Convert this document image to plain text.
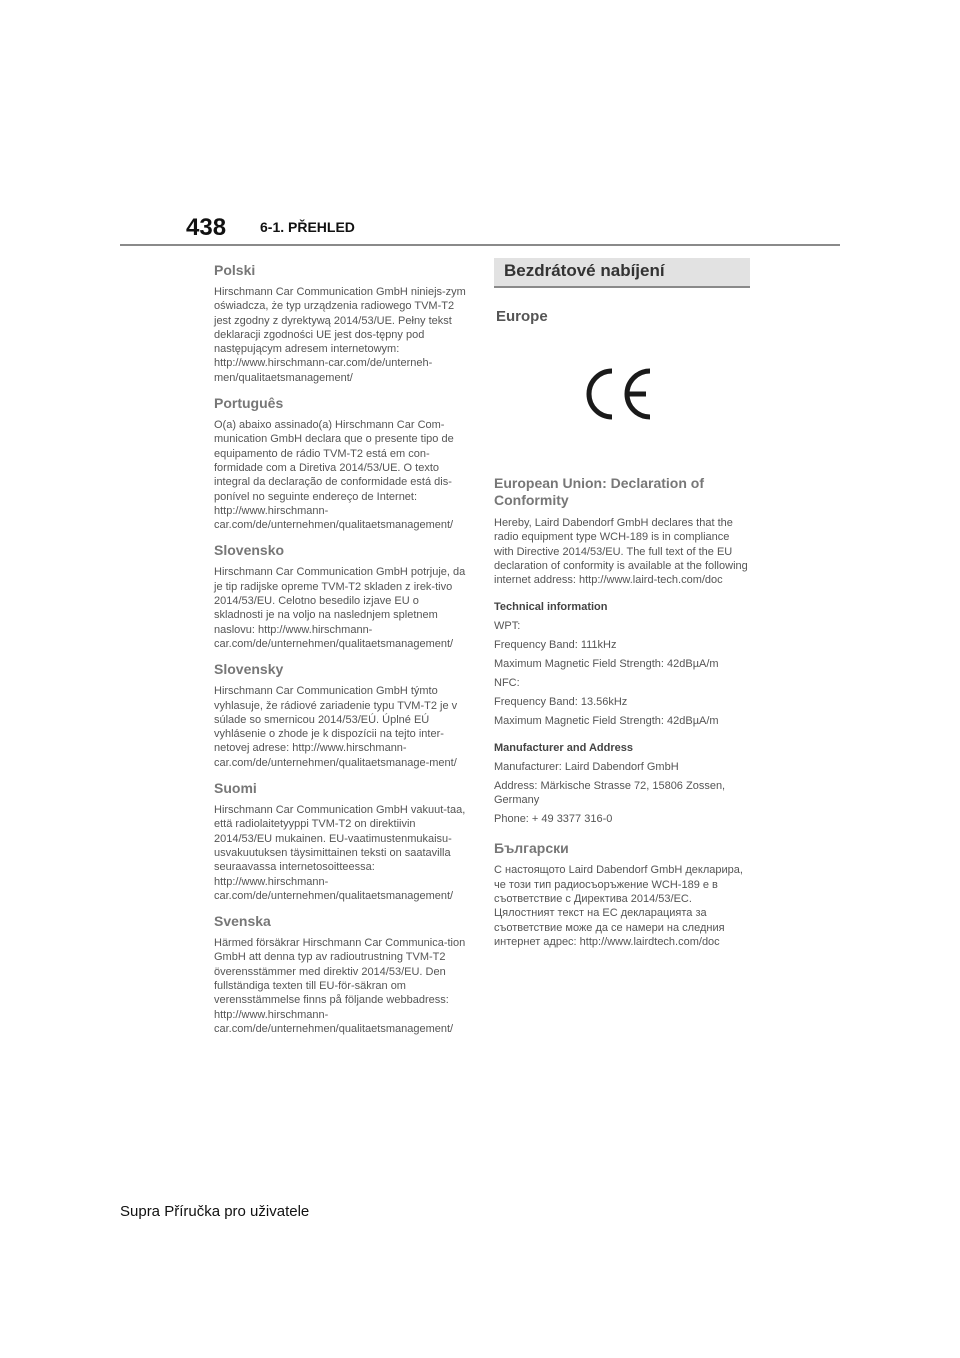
438 6-1. PŘEHLED

Polski

Hirschmann Car Communication GmbH niniejs-zym oświadcza, że typ urządzenia radiowego TVM-T2 jest zgodny z dyrektywą 2014/53/UE. Pełny tekst deklaracji zgodności UE jest dos-tępny pod następującym adresem internetowym: http://www.hirschmann-car.com/de/unterneh-men/qualitaetsmanagement/

Português

O(a) abaixo assinado(a) Hirschmann Car Com-munication GmbH declara que o presente tipo de equipamento de rádio TVM-T2 está em con-formidade com a Diretiva 2014/53/UE. O texto integral da declaração de conformidade está dis-ponível no seguinte endereço de Internet: http://www.hirschmann-car.com/de/unternehmen/qualitaetsmanagement/

Slovensko

Hirschmann Car Communication GmbH potrjuje, da je tip radijske opreme TVM-T2 skladen z irek-tivo 2014/53/EU. Celotno besedilo izjave EU o skladnosti je na voljo na naslednjem spletnem naslovu: http://www.hirschmann-car.com/de/unternehmen/qualitaetsmanagement/

Slovensky

Hirschmann Car Communication GmbH týmto vyhlasuje, že rádiové zariadenie typu TVM-T2 je v súlade so smernicou 2014/53/EÚ. Úplné EÚ vyhlásenie o zhode je k dispozícii na tejto inter-netovej adrese: http://www.hirschmann-car.com/de/unternehmen/qualitaetsmanage-ment/

Suomi

Hirschmann Car Communication GmbH vakuut-taa, että radiolaitetyyppi TVM-T2 on direktiivin 2014/53/EU mukainen. EU-vaatimustenmukaisu-usvakuutuksen täysimittainen teksti on saatavilla seuraavassa internetosoitteessa: http://www.hirschmann-car.com/de/unternehmen/qualitaetsmanagement/

Svenska

Härmed försäkrar Hirschmann Car Communica-tion GmbH att denna typ av radioutrustning TVM-T2 överensstämmer med direktiv 2014/53/EU. Den fullständiga texten till EU-för-säkran om verensstämmelse finns på följande webbadress: http://www.hirschmann-car.com/de/unternehmen/qualitaetsmanagement/

Bezdrátové nabíjení
Europe

European Union: Declaration of Conformity

Hereby, Laird Dabendorf GmbH declares that the radio equipment type WCH-189 is in compliance with Directive 2014/53/EU. The full text of the EU declaration of conformity is available at the following internet address: http://www.laird-tech.com/doc

Technical information

WPT:

Frequency Band: 111kHz

Maximum Magnetic Field Strength: 42dBµA/m

NFC:

Frequency Band: 13.56kHz

Maximum Magnetic Field Strength: 42dBµA/m

Manufacturer and Address

Manufacturer: Laird Dabendorf GmbH

Address: Märkische Strasse 72, 15806 Zossen, Germany

Phone: + 49 3377 316-0

Български

С настоящото Laird Dabendorf GmbH декларира, че този тип радиосъоръжение WCH-189 е в съответствие с Директива 2014/53/ЕС. Цялостният текст на ЕС декларацията за съответствие може да се намери на следния интернет адрес: http://www.lairdtech.com/doc

Supra Příručka pro uživatele
